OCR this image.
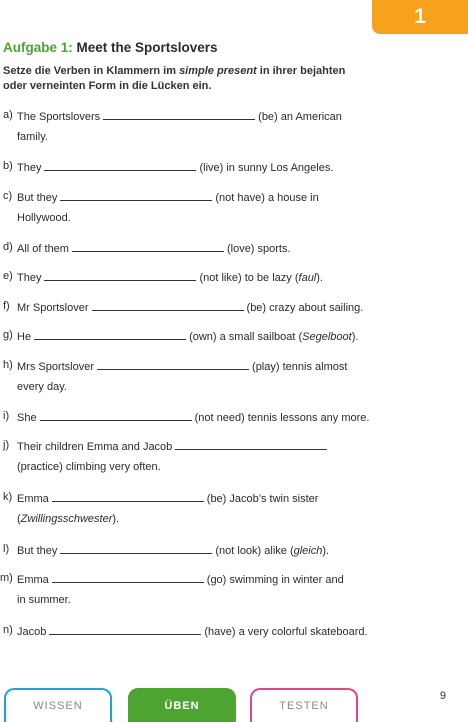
1
Aufgabe 1: Meet the Sportslovers
Setze die Verben in Klammern im simple present in ihrer bejahten oder verneinten Form in die Lücken ein.
a) The Sportslovers	(be) an American
family.
b) They	(live) in sunny Los Angeles.
c) But they	(not have) a house in
Hollywood.
d) All of them	(love) sports.
e) They	(not like) to be lazy (faul).
f) Mr Sportslover	(be) crazy about sailing.
g) He	(own) a small sailboat (Segelboot).
h) Mrs Sportslover	(play) tennis almost
every day.
i) She	(not need) tennis lessons any more.
j) Their children Emma and Jacob
(practice) climbing very often.
k) Emma	(be) Jacob’s twin sister
(Zwillingsschwester).
l) But they	(not look) alike (gleich).
m) Emma	(go) swimming in winter and
in summer.
n) Jacob	(have) a very colorful skateboard.
WISSEN	ÜBEN	TESTEN
9
